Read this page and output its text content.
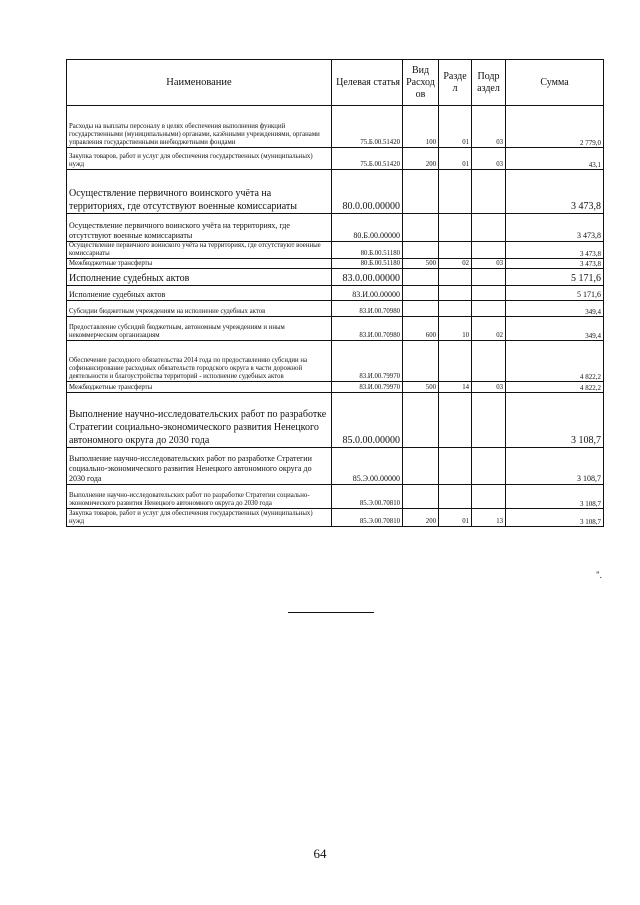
Наименование	Целевая статья	Вид Расход ов	Разде л	Подр аздел	Сумма
Расходы на выплаты персоналу в целях обеспечения выполнения функций государственными (муниципальными) органами, казёнными учреждениями, органами управления государственными внебюджетными фондами	75.Б.00.51420	100	01	03	2 779,0
Закупка товаров, работ и услуг для обеспечения государственных (муниципальных) нужд	75.Б.00.51420	200	01	03	43,1
Осуществление первичного воинского учёта на территориях, где отсутствуют военные комиссариаты	80.0.00.00000				3 473,8
Осуществление первичного воинского учёта на территориях, где отсутствуют военные комиссариаты	80.Б.00.00000				3 473,8
Осуществление первичного воинского учёта на территориях, где отсутствуют военные комиссариаты	80.Б.00.51180				3 473,8
Межбюджетные трансферты	80.Б.00.51180	500	02	03	3 473,8
Исполнение судебных актов	83.0.00.00000				5 171,6
Исполнение судебных актов	83.И.00.00000				5 171,6
Субсидии бюджетным учреждениям на исполнение судебных актов	83.И.00.70980				349,4
Предоставление субсидий бюджетным, автономным учреждениям и иным некоммерческим организациям	83.И.00.70980	600	10	02	349,4
Обеспечение расходного обязательства 2014 года по предоставлению субсидии на софинансирование расходных обязательств городского округа в части дорожной деятельности и благоустройства территорий - исполнение судебных актов	83.И.00.79970				4 822,2
Межбюджетные трансферты	83.И.00.79970	500	14	03	4 822,2
Выполнение научно-исследовательских работ по разработке Стратегии социально-экономического развития Ненецкого автономного округа до 2030 года	85.0.00.00000				3 108,7
Выполнение научно-исследовательских работ по разработке Стратегии социально-экономического развития Ненецкого автономного округа до 2030 года	85.Э.00.00000				3 108,7
Выполнение научно-исследовательских работ по разработке Стратегии социально-экономического развития Ненецкого автономного округа до 2030 года	85.Э.00.70810				3 108,7
Закупка товаров, работ и услуг для обеспечения государственных (муниципальных) нужд	85.Э.00.70810	200	01	13	3 108,7
".
64
